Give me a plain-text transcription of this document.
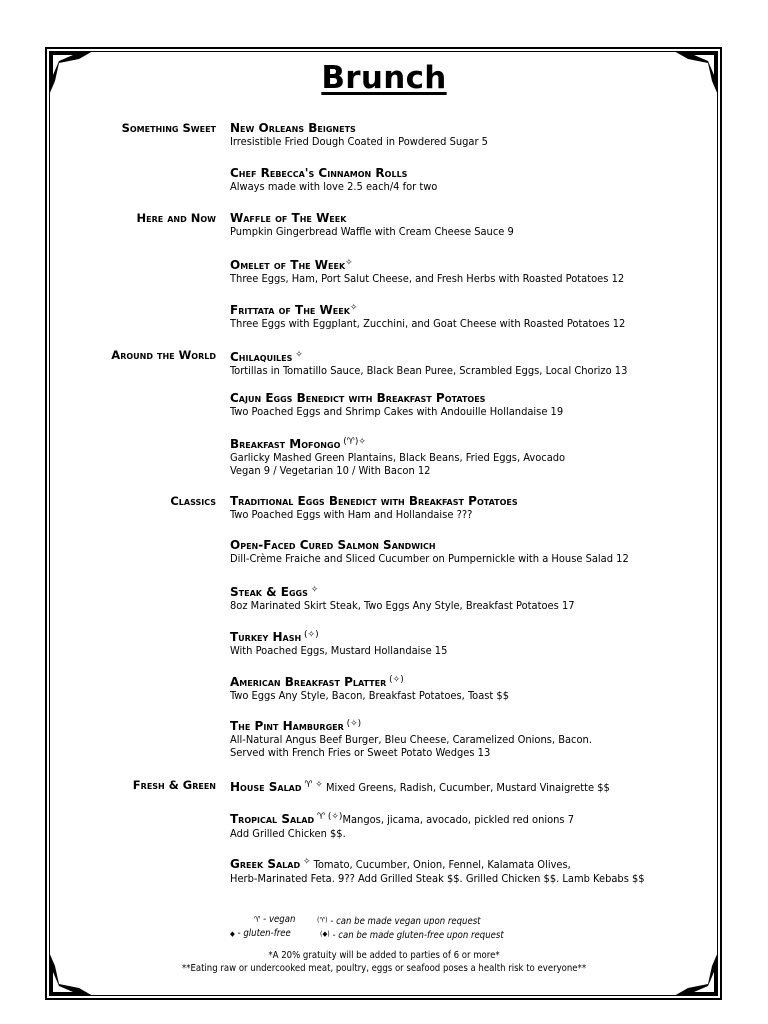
Brunch
Something Sweet
Here and Now
Around the World
Classics
Fresh & Green
New Orleans Beignets
Irresistible Fried Dough Coated in Powdered Sugar 5
Chef Rebecca's Cinnamon Rolls
Always made with love 2.5 each/4 for two
Waffle of The Week
Pumpkin Gingerbread Waffle with Cream Cheese Sauce 9
Omelet of The Week✧
Three Eggs, Ham, Port Salut Cheese, and Fresh Herbs with Roasted Potatoes 12
Frittata of The Week✧
Three Eggs with Eggplant, Zucchini, and Goat Cheese with Roasted Potatoes 12
Chilaquiles ✧
Tortillas in Tomatillo Sauce, Black Bean Puree, Scrambled Eggs, Local Chorizo 13
Cajun Eggs Benedict with Breakfast Potatoes
Two Poached Eggs and Shrimp Cakes with Andouille Hollandaise 19
Breakfast Mofongo (♈)✧
Garlicky Mashed Green Plantains, Black Beans, Fried Eggs, Avocado
Vegan 9 / Vegetarian 10 / With Bacon 12
Traditional Eggs Benedict with Breakfast Potatoes
Two Poached Eggs with Ham and Hollandaise ???
Open-Faced Cured Salmon Sandwich
Dill-Crème Fraiche and Sliced Cucumber on Pumpernickle with a House Salad 12
Steak & Eggs ✧
8oz Marinated Skirt Steak, Two Eggs Any Style, Breakfast Potatoes 17
Turkey Hash (✧)
With Poached Eggs, Mustard Hollandaise 15
American Breakfast Platter (✧)
Two Eggs Any Style, Bacon, Breakfast Potatoes, Toast $$
The Pint Hamburger (✧)
All-Natural Angus Beef Burger, Bleu Cheese, Caramelized Onions, Bacon.
Served with French Fries or Sweet Potato Wedges 13
House Salad ♈ ✧ Mixed Greens, Radish, Cucumber, Mustard Vinaigrette $$
Tropical Salad ♈ (✧)Mangos, jicama, avocado, pickled red onions 7
Add Grilled Chicken $$.
Greek Salad ✧ Tomato, Cucumber, Onion, Fennel, Kalamata Olives,
Herb-Marinated Feta. 9?? Add Grilled Steak $$. Grilled Chicken $$. Lamb Kebabs $$
♈ - vegan	(♈) - can be made vegan upon request
◆ - gluten-free	(◆) - can be made gluten-free upon request
*A 20% gratuity will be added to parties of 6 or more*
**Eating raw or undercooked meat, poultry, eggs or seafood poses a health risk to everyone**
